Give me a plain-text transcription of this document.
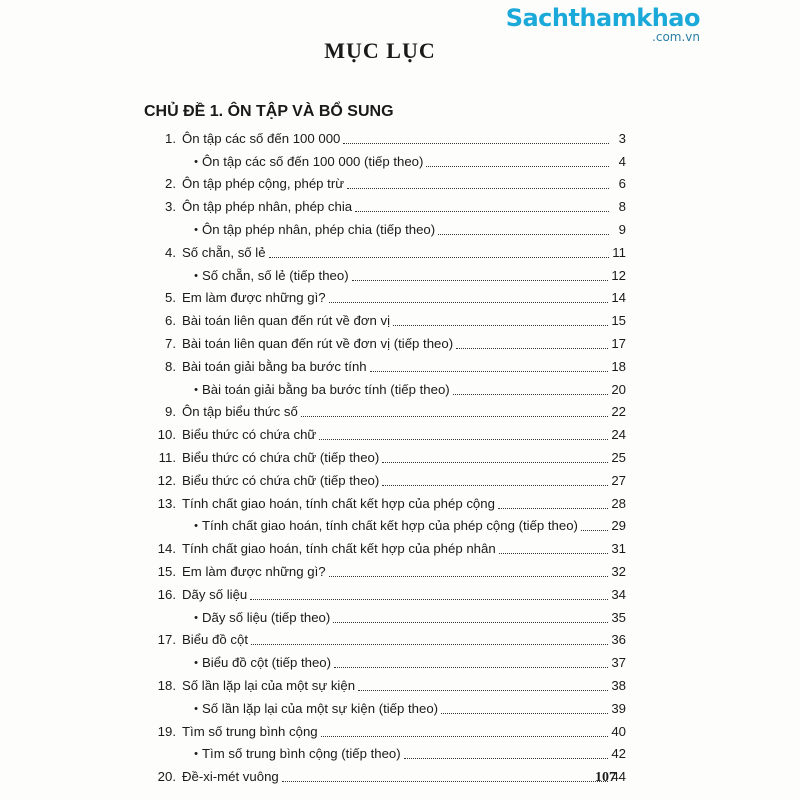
Sachthamkhao
.com.vn
MỤC LỤC
CHỦ ĐỀ 1. ÔN TẬP VÀ BỔ SUNG
1. Ôn tập các số đến 100 000	3
• Ôn tập các số đến 100 000 (tiếp theo)	4
2. Ôn tập phép cộng, phép trừ	6
3. Ôn tập phép nhân, phép chia	8
• Ôn tập phép nhân, phép chia (tiếp theo)	9
4. Số chẵn, số lẻ	11
• Số chẵn, số lẻ (tiếp theo)	12
5. Em làm được những gì?	14
6. Bài toán liên quan đến rút về đơn vị	15
7. Bài toán liên quan đến rút về đơn vị (tiếp theo)	17
8. Bài toán giải bằng ba bước tính	18
• Bài toán giải bằng ba bước tính (tiếp theo)	20
9. Ôn tập biểu thức số	22
10. Biểu thức có chứa chữ	24
11. Biểu thức có chứa chữ (tiếp theo)	25
12. Biểu thức có chứa chữ (tiếp theo)	27
13. Tính chất giao hoán, tính chất kết hợp của phép cộng	28
• Tính chất giao hoán, tính chất kết hợp của phép cộng (tiếp theo)	29
14. Tính chất giao hoán, tính chất kết hợp của phép nhân	31
15. Em làm được những gì?	32
16. Dãy số liệu	34
• Dãy số liệu (tiếp theo)	35
17. Biểu đồ cột	36
• Biểu đồ cột (tiếp theo)	37
18. Số lần lặp lại của một sự kiện	38
• Số lần lặp lại của một sự kiện (tiếp theo)	39
19. Tìm số trung bình cộng	40
• Tìm số trung bình cộng (tiếp theo)	42
20. Đề-xi-mét vuông	44
107
